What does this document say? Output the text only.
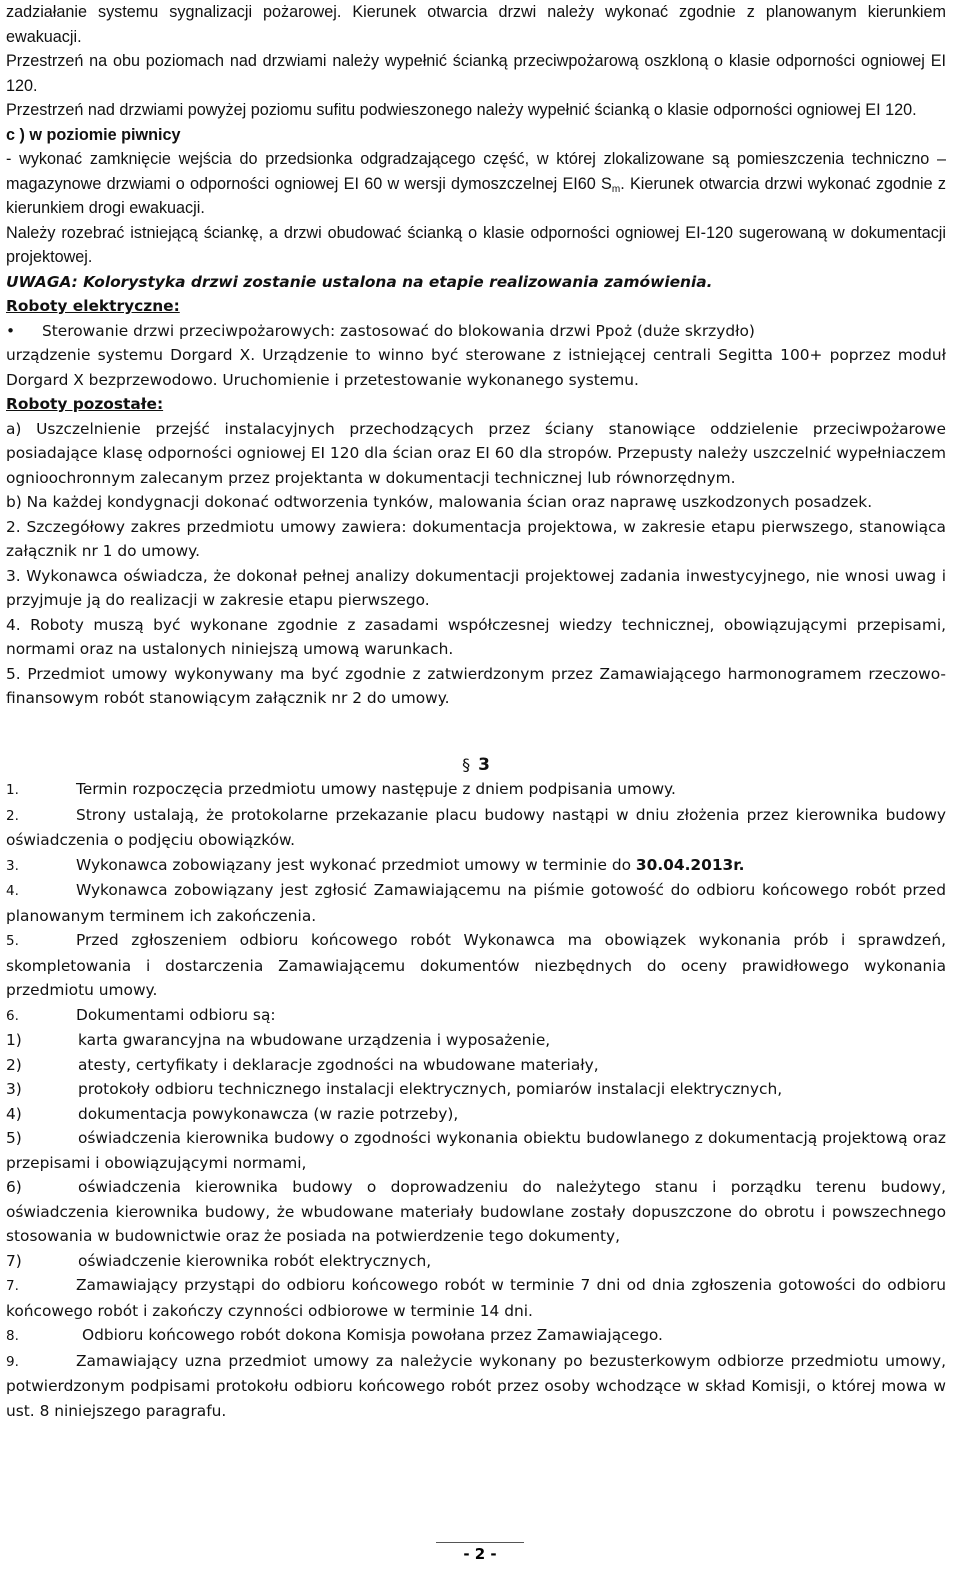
zadziałanie systemu sygnalizacji pożarowej. Kierunek otwarcia drzwi należy wykonać zgodnie z planowanym kierunkiem ewakuacji.

Przestrzeń na obu poziomach nad drzwiami należy wypełnić ścianką przeciwpożarową oszkloną o klasie odporności ogniowej EI 120.

Przestrzeń nad drzwiami powyżej poziomu sufitu podwieszonego należy wypełnić ścianką o klasie odporności ogniowej EI 120.

c ) w poziomie piwnicy

- wykonać zamknięcie wejścia do przedsionka odgradzającego część, w której zlokalizowane są pomieszczenia techniczno – magazynowe drzwiami o odporności ogniowej EI 60 w wersji dymoszczelnej EI60 $S_m$. Kierunek otwarcia drzwi wykonać zgodnie z kierunkiem drogi ewakuacji.

Należy rozebrać istniejącą ściankę, a drzwi obudować ścianką o klasie odporności ogniowej EI-120 sugerowaną w dokumentacji projektowej.

UWAGA: Kolorystyka drzwi zostanie ustalona na etapie realizowania zamówienia.

Roboty elektryczne:

• Sterowanie drzwi przeciwpożarowych: zastosować do blokowania drzwi Ppoż (duże skrzydło)

urządzenie systemu Dorgard X. Urządzenie to winno być sterowane z istniejącej centrali Segitta 100+ poprzez moduł Dorgard X bezprzewodowo. Uruchomienie i przetestowanie wykonanego systemu.

Roboty pozostałe:

a) Uszczelnienie przejść instalacyjnych przechodzących przez ściany stanowiące oddzielenie przeciwpożarowe posiadające klasę odporności ogniowej EI 120 dla ścian oraz EI 60 dla stropów. Przepusty należy uszczelnić wypełniaczem ognioochronnym zalecanym przez projektanta w dokumentacji technicznej lub równorzędnym.

b) Na każdej kondygnacji dokonać odtworzenia tynków, malowania ścian oraz naprawę uszkodzonych posadzek.

2. Szczegółowy zakres przedmiotu umowy zawiera: dokumentacja projektowa, w zakresie etapu pierwszego, stanowiąca załącznik nr 1 do umowy.

3. Wykonawca oświadcza, że dokonał pełnej analizy dokumentacji projektowej zadania inwestycyjnego, nie wnosi uwag i przyjmuje ją do realizacji w zakresie etapu pierwszego.

4. Roboty muszą być wykonane zgodnie z zasadami współczesnej wiedzy technicznej, obowiązującymi przepisami, normami oraz na ustalonych niniejszą umową warunkach.

5. Przedmiot umowy wykonywany ma być zgodnie z zatwierdzonym przez Zamawiającego harmonogramem rzeczowo-finansowym robót stanowiącym załącznik nr 2 do umowy.

§ 3

1.	Termin rozpoczęcia przedmiotu umowy następuje z dniem podpisania umowy.

2.	Strony ustalają, że protokolarne przekazanie placu budowy nastąpi w dniu złożenia przez kierownika budowy oświadczenia o podjęciu obowiązków.

3.	Wykonawca zobowiązany jest wykonać przedmiot umowy w terminie do 30.04.2013r.

4.	Wykonawca zobowiązany jest zgłosić Zamawiającemu na piśmie gotowość do odbioru końcowego robót przed planowanym terminem ich zakończenia.

5.	Przed zgłoszeniem odbioru końcowego robót Wykonawca ma obowiązek wykonania prób i sprawdzeń, skompletowania i dostarczenia Zamawiającemu dokumentów niezbędnych do oceny prawidłowego wykonania przedmiotu umowy.

6.	Dokumentami odbioru są:

1)	karta gwarancyjna na wbudowane urządzenia i wyposażenie,

2)	atesty, certyfikaty i deklaracje zgodności na wbudowane materiały,

3)	protokoły odbioru technicznego instalacji elektrycznych, pomiarów instalacji elektrycznych,

4)	dokumentacja powykonawcza (w razie potrzeby),

5)	oświadczenia kierownika budowy o zgodności wykonania obiektu budowlanego z dokumentacją projektową oraz przepisami i obowiązującymi normami,

6)	oświadczenia kierownika budowy o doprowadzeniu do należytego stanu i porządku terenu budowy, oświadczenia kierownika budowy, że wbudowane materiały budowlane zostały dopuszczone do obrotu i powszechnego stosowania w budownictwie oraz że posiada na potwierdzenie tego dokumenty,

7)	oświadczenie kierownika robót elektrycznych,

7.	Zamawiający przystąpi do odbioru końcowego robót w terminie 7 dni od dnia zgłoszenia gotowości do odbioru końcowego robót i zakończy czynności odbiorowe w terminie 14 dni.

8.	Odbioru końcowego robót dokona Komisja powołana przez Zamawiającego.

9.	Zamawiający uzna przedmiot umowy za należycie wykonany po bezusterkowym odbiorze przedmiotu umowy, potwierdzonym podpisami protokołu odbioru końcowego robót przez osoby wchodzące w skład Komisji, o której mowa w ust. 8 niniejszego paragrafu.

- 2 -
